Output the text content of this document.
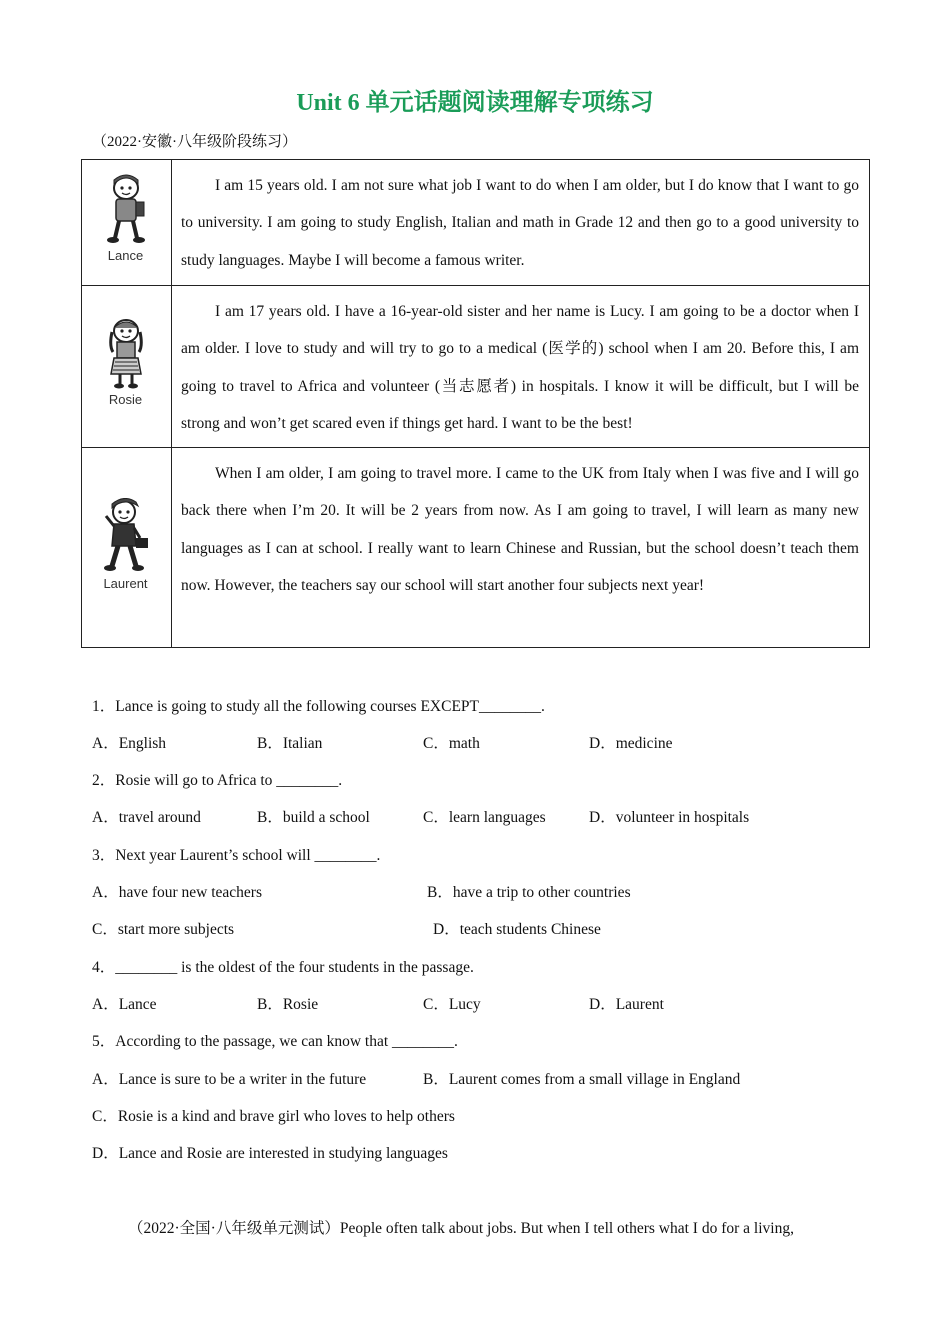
Unit 6 单元话题阅读理解专项练习
（2022·安徽·八年级阶段练习）
Lance	I am 15 years old. I am not sure what job I want to do when I am older, but I do know that I want to go to university. I am going to study English, Italian and math in Grade 12 and then go to a good university to study languages. Maybe I will become a famous writer.

Rosie	I am 17 years old. I have a 16-year-old sister and her name is Lucy. I am going to be a doctor when I am older. I love to study and will try to go to a medical (医学的) school when I am 20. Before this, I am going to travel to Africa and volunteer (当志愿者) in hospitals. I know it will be difficult, but I will be strong and won’t get scared even if things get hard. I want to be the best!

Laurent	When I am older, I am going to travel more. I came to the UK from Italy when I was five and I will go back there when I’m 20. It will be 2 years from now. As I am going to travel, I will learn as many new languages as I can at school. I really want to learn Chinese and Russian, but the school doesn’t teach them now. However, the teachers say our school will start another four subjects next year!

1．Lance is going to study all the following courses EXCEPT________.
A．English	B．Italian	C．math	D．medicine
2．Rosie will go to Africa to ________.
A．travel around	B．build a school	C．learn languages	D．volunteer in hospitals
3．Next year Laurent’s school will ________.
A．have four new teachers	B．have a trip to other countries
C．start more subjects	D．teach students Chinese
4．________ is the oldest of the four students in the passage.
A．Lance	B．Rosie	C．Lucy	D．Laurent
5．According to the passage, we can know that ________.
A．Lance is sure to be a writer in the future	B．Laurent comes from a small village in England
C．Rosie is a kind and brave girl who loves to help others
D．Lance and Rosie are interested in studying languages
（2022·全国·八年级单元测试）People often talk about jobs. But when I tell others what I do for a living,
